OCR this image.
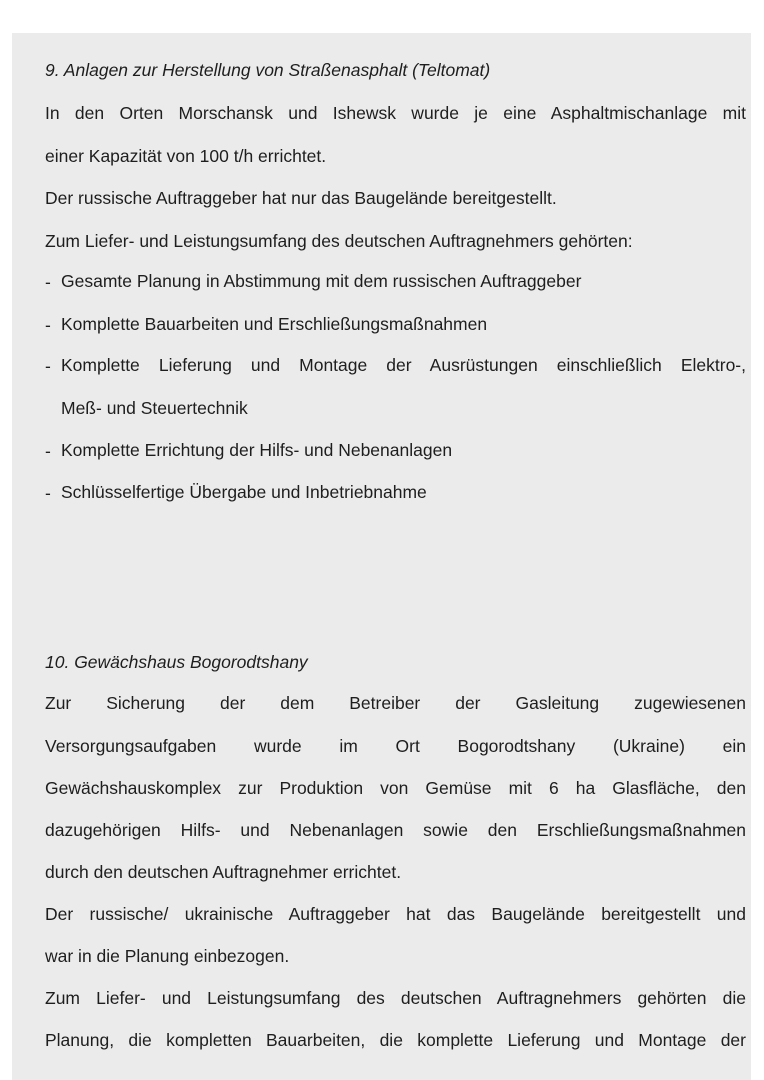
9. Anlagen zur Herstellung von Straßenasphalt (Teltomat)
In den Orten Morschansk und Ishewsk wurde je eine Asphaltmischanlage mit
einer Kapazität von 100 t/h errichtet.
Der russische Auftraggeber hat nur das Baugelände bereitgestellt.
Zum Liefer- und Leistungsumfang des deutschen Auftragnehmers gehörten:
- Gesamte Planung in Abstimmung mit dem russischen Auftraggeber
- Komplette Bauarbeiten und Erschließungsmaßnahmen
- Komplette Lieferung und Montage der Ausrüstungen einschließlich Elektro-,
Meß- und Steuertechnik
- Komplette Errichtung der Hilfs- und Nebenanlagen
- Schlüsselfertige Übergabe und Inbetriebnahme
10. Gewächshaus Bogorodtshany
Zur Sicherung der dem Betreiber der Gasleitung zugewiesenen
Versorgungsaufgaben wurde im Ort Bogorodtshany (Ukraine) ein
Gewächshauskomplex zur Produktion von Gemüse mit 6 ha Glasfläche, den
dazugehörigen Hilfs- und Nebenanlagen sowie den Erschließungsmaßnahmen
durch den deutschen Auftragnehmer errichtet.
Der russische/ ukrainische Auftraggeber hat das Baugelände bereitgestellt und
war in die Planung einbezogen.
Zum Liefer- und Leistungsumfang des deutschen Auftragnehmers gehörten die
Planung, die kompletten Bauarbeiten, die komplette Lieferung und Montage der
